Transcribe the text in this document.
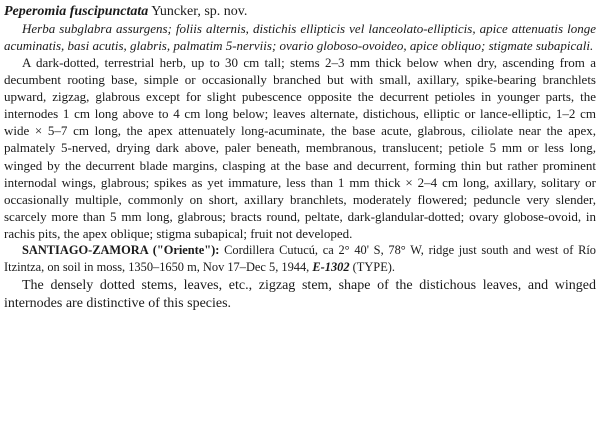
Peperomia fuscipunctata Yuncker, sp. nov.

Herba subglabra assurgens; foliis alternis, distichis ellipticis vel lanceolato-ellipticis, apice attenuatis longe acuminatis, basi acutis, glabris, palmatim 5-nerviis; ovario globoso-ovoideo, apice obliquo; stigmate subapicali.

A dark-dotted, terrestrial herb, up to 30 cm tall; stems 2–3 mm thick below when dry, ascending from a decumbent rooting base, simple or occasionally branched but with small, axillary, spike-bearing branchlets upward, zigzag, glabrous except for slight pubescence opposite the decurrent petioles in younger parts, the internodes 1 cm long above to 4 cm long below; leaves alternate, distichous, elliptic or lance-elliptic, 1–2 cm wide × 5–7 cm long, the apex attenuately long-acuminate, the base acute, glabrous, ciliolate near the apex, palmately 5-nerved, drying dark above, paler beneath, membranous, translucent; petiole 5 mm or less long, winged by the decurrent blade margins, clasping at the base and decurrent, forming thin but rather prominent internodal wings, glabrous; spikes as yet immature, less than 1 mm thick × 2–4 cm long, axillary, solitary or occasionally multiple, commonly on short, axillary branchlets, moderately flowered; peduncle very slender, scarcely more than 5 mm long, glabrous; bracts round, peltate, dark-glandular-dotted; ovary globose-ovoid, in rachis pits, the apex oblique; stigma subapical; fruit not developed.

SANTIAGO-ZAMORA ("Oriente"): Cordillera Cutucú, ca 2° 40' S, 78° W, ridge just south and west of Río Itzintza, on soil in moss, 1350–1650 m, Nov 17–Dec 5, 1944, E-1302 (TYPE).

The densely dotted stems, leaves, etc., zigzag stem, shape of the distichous leaves, and winged internodes are distinctive of this species.
